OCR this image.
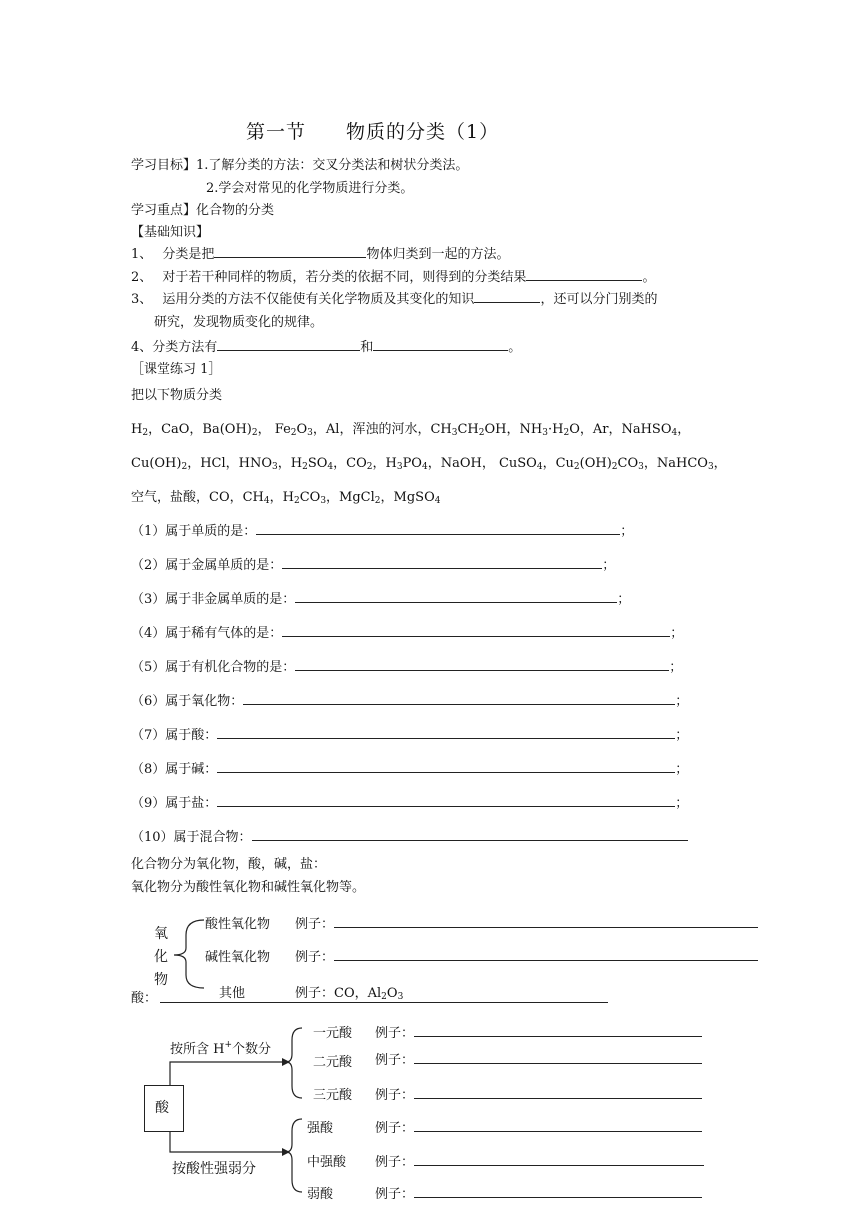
第一节　　物质的分类（1）
学习目标】1.了解分类的方法：交叉分类法和树状分类法。
2.学会对常见的化学物质进行分类。
学习重点】化合物的分类
【基础知识】
1、 分类是把	物体归类到一起的方法。
2、 对于若干种同样的物质，若分类的依据不同，则得到的分类结果	。
3、 运用分类的方法不仅能使有关化学物质及其变化的知识	，还可以分门别类的
研究，发现物质变化的规律。
4、分类方法有	和	。
［课堂练习 1］
把以下物质分类
$H_2$，CaO，$Ba(OH)_2$， $Fe_2O_3$，Al，浑浊的河水，$CH_3CH_2OH$，$NH_3\cdot H_2O$，Ar，NaHSO$_4$，
$Cu(OH)_2$，HCl，$HNO_3$，$H_2SO_4$，$CO_2$，$H_3PO_4$，NaOH， CuSO$_4$，$Cu_2(OH)_2CO_3$，NaHCO$_3$，
空气，盐酸，CO，$CH_4$，$H_2CO_3$，MgCl$_2$，MgSO$_4$
（1）属于单质的是：	；
（2）属于金属单质的是：	；
（3）属于非金属单质的是：	；
（4）属于稀有气体的是：	；
（5）属于有机化合物的是：	；
（6）属于氧化物：	；
（7）属于酸：	；
（8）属于碱：	；
（9）属于盐：	；
（10）属于混合物：
化合物分为氧化物，酸，碱，盐：
氧化物分为酸性氧化物和碱性氧化物等。
氧
化
物
酸性氧化物 例子：
碱性氧化物 例子：
其他	例子：CO，$Al_2O_3$
酸：
酸
按所含 H+个数分
按酸性强弱分
一元酸 例子：
二元酸 例子：
三元酸 例子：
强酸	例子：
中强酸 例子：
弱酸	例子：
